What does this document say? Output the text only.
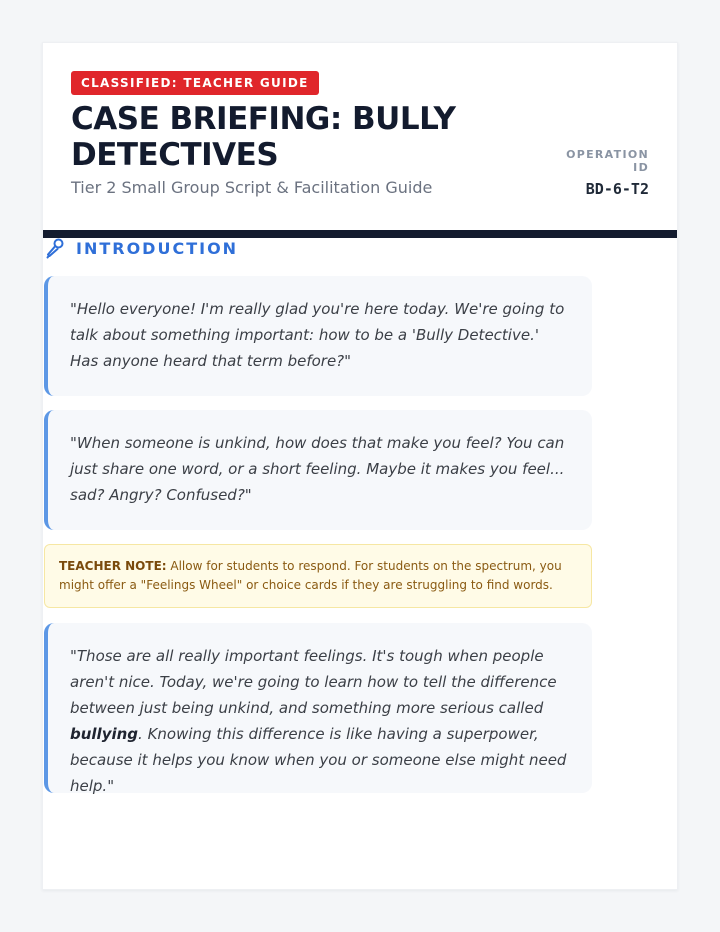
CLASSIFIED: TEACHER GUIDE
CASE BRIEFING: BULLY DETECTIVES
Tier 2 Small Group Script & Facilitation Guide
OPERATION ID
BD-6-T2
INTRODUCTION
"Hello everyone! I'm really glad you're here today. We're going to talk about something important: how to be a 'Bully Detective.' Has anyone heard that term before?"
"When someone is unkind, how does that make you feel? You can just share one word, or a short feeling. Maybe it makes you feel... sad? Angry? Confused?"
TEACHER NOTE: Allow for students to respond. For students on the spectrum, you might offer a "Feelings Wheel" or choice cards if they are struggling to find words.
"Those are all really important feelings. It's tough when people aren't nice. Today, we're going to learn how to tell the difference between just being unkind, and something more serious called bullying. Knowing this difference is like having a superpower, because it helps you know when you or someone else might need help."
